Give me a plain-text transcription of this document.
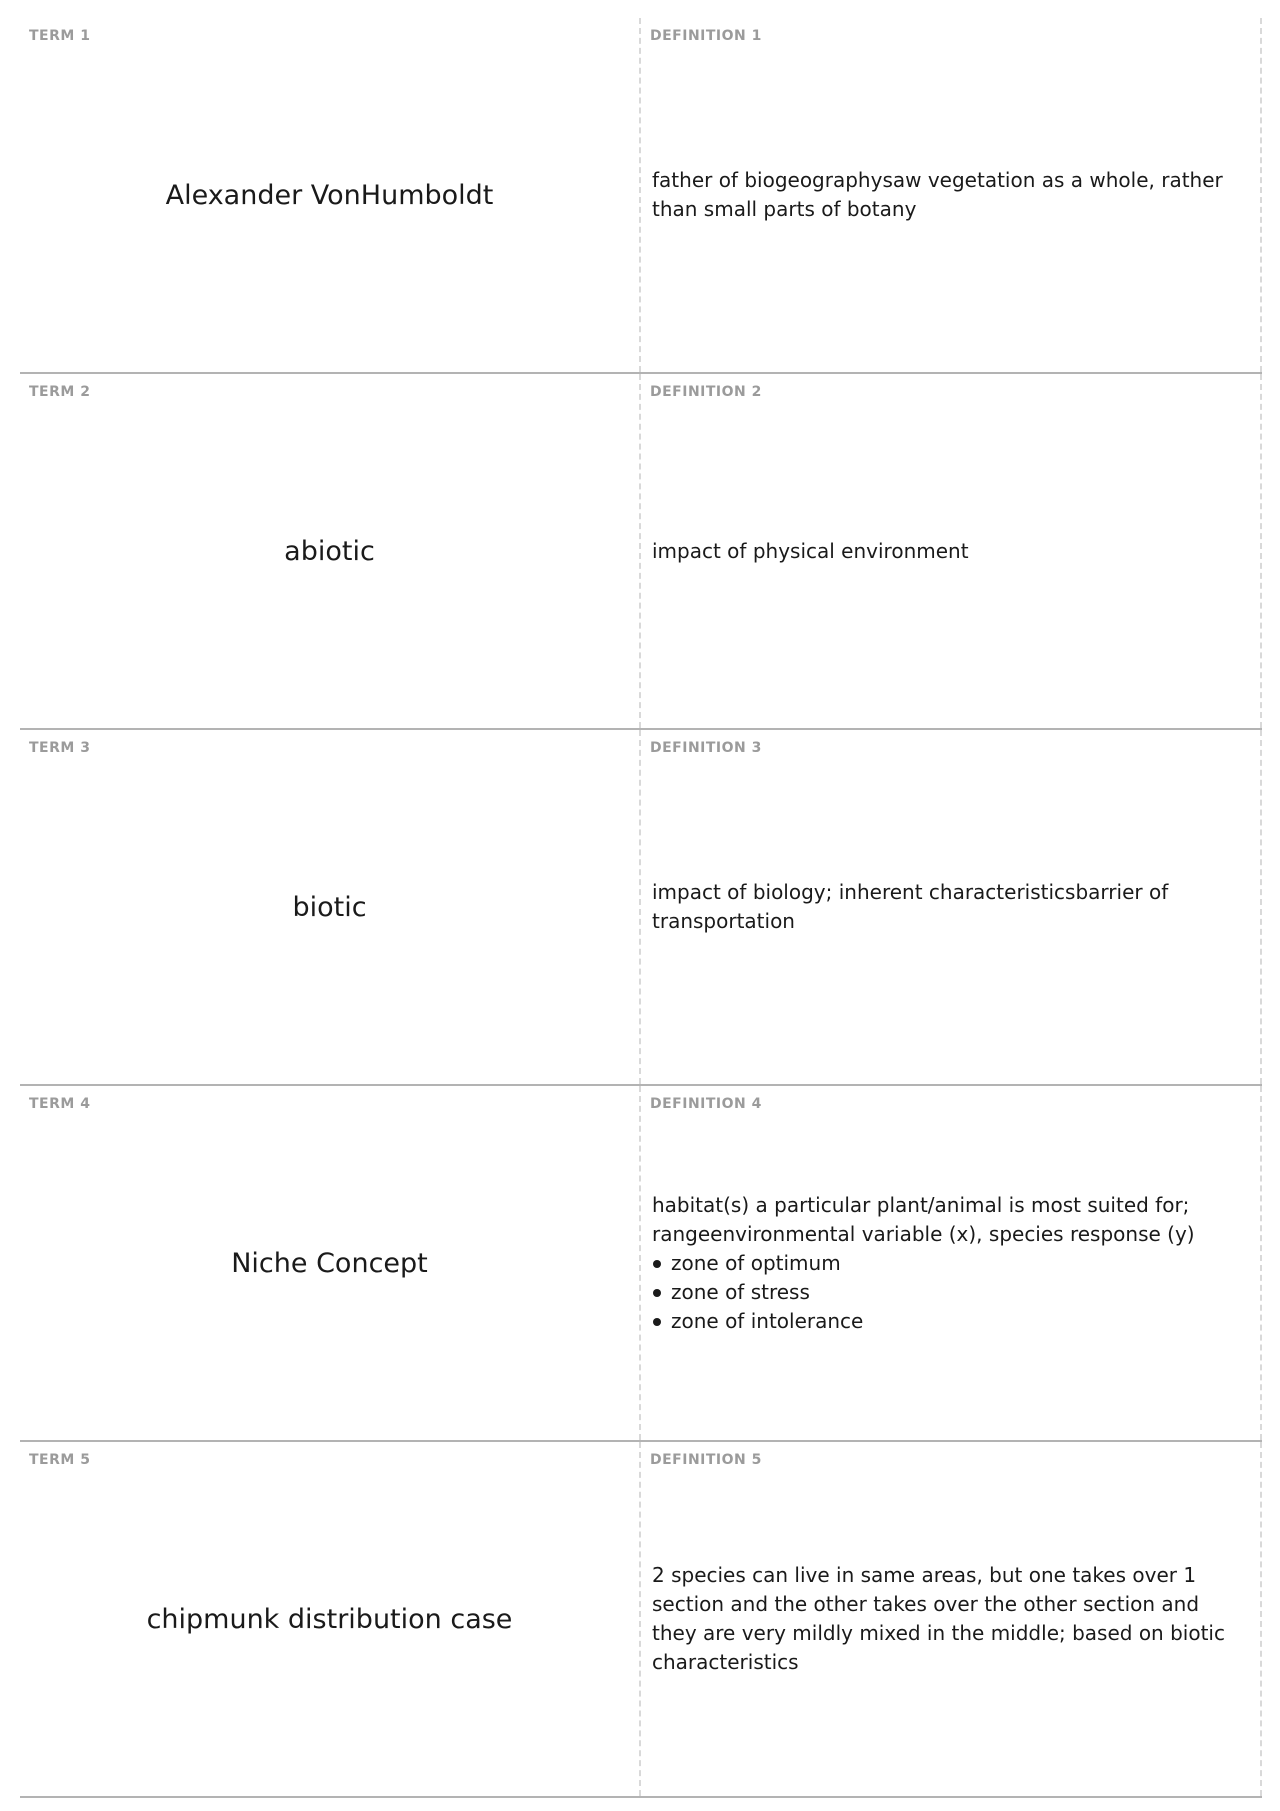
TERM 1
Alexander VonHumboldt
DEFINITION 1
father of biogeographysaw vegetation as a whole, rather than small parts of botany
TERM 2
abiotic
DEFINITION 2
impact of physical environment
TERM 3
biotic
DEFINITION 3
impact of biology; inherent characteristicsbarrier of transportation
TERM 4
Niche Concept
DEFINITION 4
habitat(s) a particular plant/animal is most suited for; rangeenvironmental variable (x), species response (y)
zone of optimum
zone of stress
zone of intolerance
TERM 5
chipmunk distribution case
DEFINITION 5
2 species can live in same areas, but one takes over 1 section and the other takes over the other section and they are very mildly mixed in the middle; based on biotic characteristics
